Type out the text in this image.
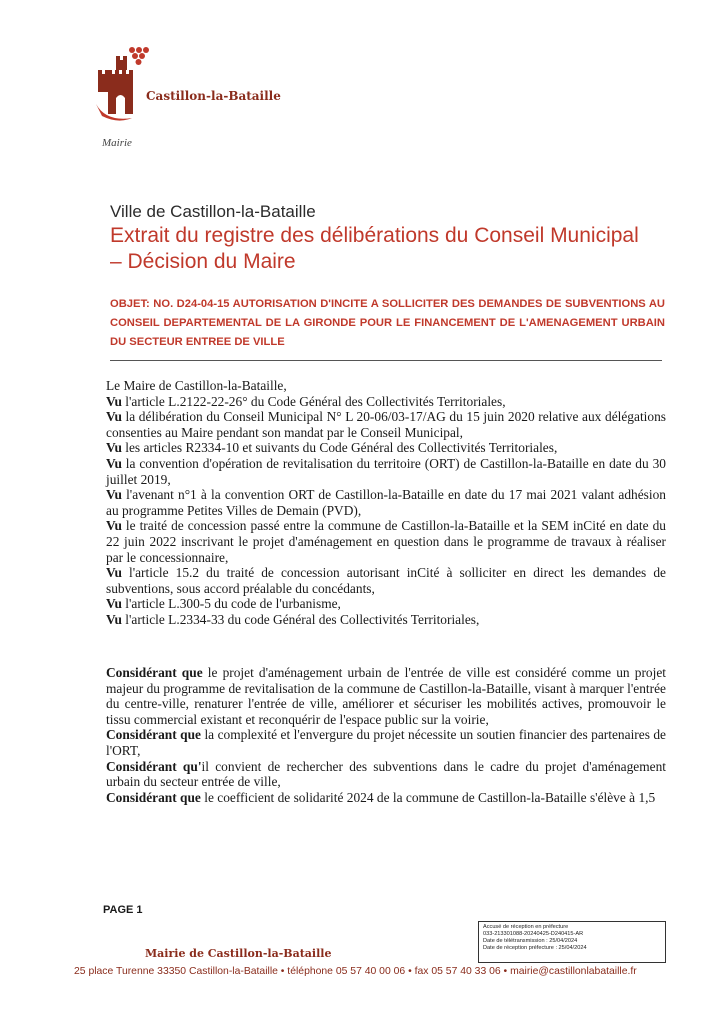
Castillon-la-Bataille
Mairie
Ville de Castillon-la-Bataille
Extrait du registre des délibérations du Conseil Municipal – Décision du Maire
OBJET: NO. D24-04-15 AUTORISATION D'INCITE A SOLLICITER DES DEMANDES DE SUBVENTIONS AU CONSEIL DEPARTEMENTAL DE LA GIRONDE POUR LE FINANCEMENT DE L'AMENAGEMENT URBAIN DU SECTEUR ENTREE DE VILLE

Le Maire de Castillon-la-Bataille,

Vu l'article L.2122-22-26° du Code Général des Collectivités Territoriales,

Vu la délibération du Conseil Municipal N° L 20-06/03-17/AG du 15 juin 2020 relative aux délégations consenties au Maire pendant son mandat par le Conseil Municipal,

Vu les articles R2334-10 et suivants du Code Général des Collectivités Territoriales,

Vu la convention d'opération de revitalisation du territoire (ORT) de Castillon-la-Bataille en date du 30 juillet 2019,

Vu l'avenant n°1 à la convention ORT de Castillon-la-Bataille en date du 17 mai 2021 valant adhésion au programme Petites Villes de Demain (PVD),

Vu le traité de concession passé entre la commune de Castillon-la-Bataille et la SEM inCité en date du 22 juin 2022 inscrivant le projet d'aménagement en question dans le programme de travaux à réaliser par le concessionnaire,

Vu l'article 15.2 du traité de concession autorisant inCité à solliciter en direct les demandes de subventions, sous accord préalable du concédants,

Vu l'article L.300-5 du code de l'urbanisme,

Vu l'article L.2334-33 du code Général des Collectivités Territoriales,

Considérant que le projet d'aménagement urbain de l'entrée de ville est considéré comme un projet majeur du programme de revitalisation de la commune de Castillon-la-Bataille, visant à marquer l'entrée du centre-ville, renaturer l'entrée de ville, améliorer et sécuriser les mobilités actives, promouvoir le tissu commercial existant et reconquérir de l'espace public sur la voirie,

Considérant que la complexité et l'envergure du projet nécessite un soutien financier des partenaires de l'ORT,

Considérant qu'il convient de rechercher des subventions dans le cadre du projet d'aménagement urbain du secteur entrée de ville,

Considérant que le coefficient de solidarité 2024 de la commune de Castillon-la-Bataille s'élève à 1,5

PAGE 1
Accusé de réception en préfecture
033-213301088-20240425-D240415-AR
Date de télétransmission : 25/04/2024
Date de réception préfecture : 25/04/2024
Mairie de Castillon-la-Bataille
25 place Turenne 33350 Castillon-la-Bataille • téléphone 05 57 40 00 06 • fax 05 57 40 33 06 • mairie@castillonlabataille.fr
